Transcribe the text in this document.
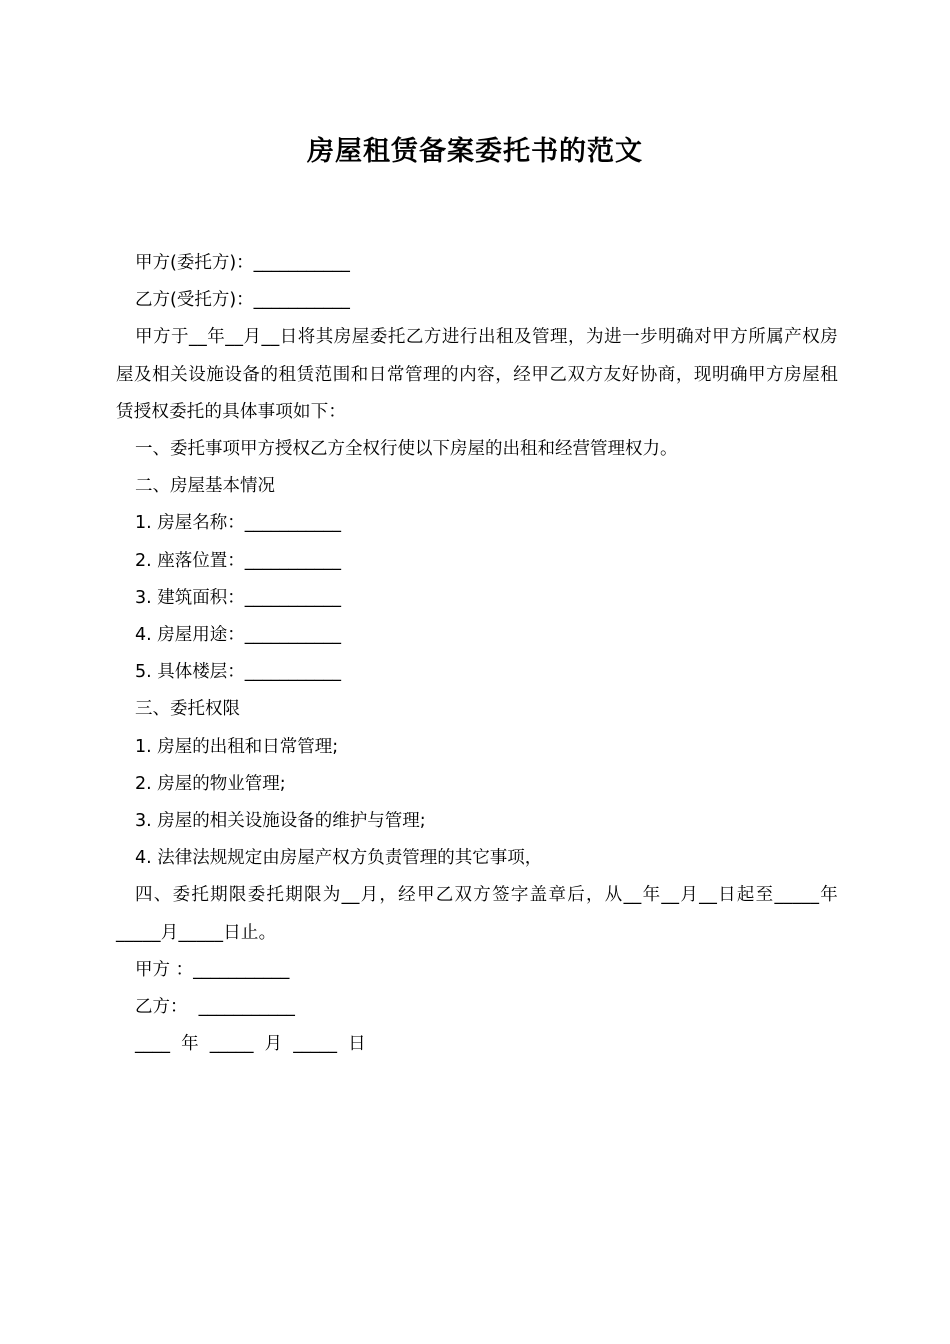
房屋租赁备案委托书的范文

甲方(委托方)：___________

乙方(受托方)：___________

甲方于__年__月__日将其房屋委托乙方进行出租及管理，为进一步明确对甲方所属产权房屋及相关设施设备的租赁范围和日常管理的内容，经甲乙双方友好协商，现明确甲方房屋租赁授权委托的具体事项如下：

一、委托事项甲方授权乙方全权行使以下房屋的出租和经营管理权力。

二、房屋基本情况

1. 房屋名称：___________

2. 座落位置：___________

3. 建筑面积：___________

4. 房屋用途：___________

5. 具体楼层：___________

三、委托权限

1. 房屋的出租和日常管理;

2. 房屋的物业管理;

3. 房屋的相关设施设备的维护与管理;

4. 法律法规规定由房屋产权方负责管理的其它事项，

四、委托期限委托期限为__月，经甲乙双方签字盖章后，从__年__月__日起至_____年_____月_____日止。

甲方 ：___________

乙方：  ___________

____  年  _____  月  _____  日
